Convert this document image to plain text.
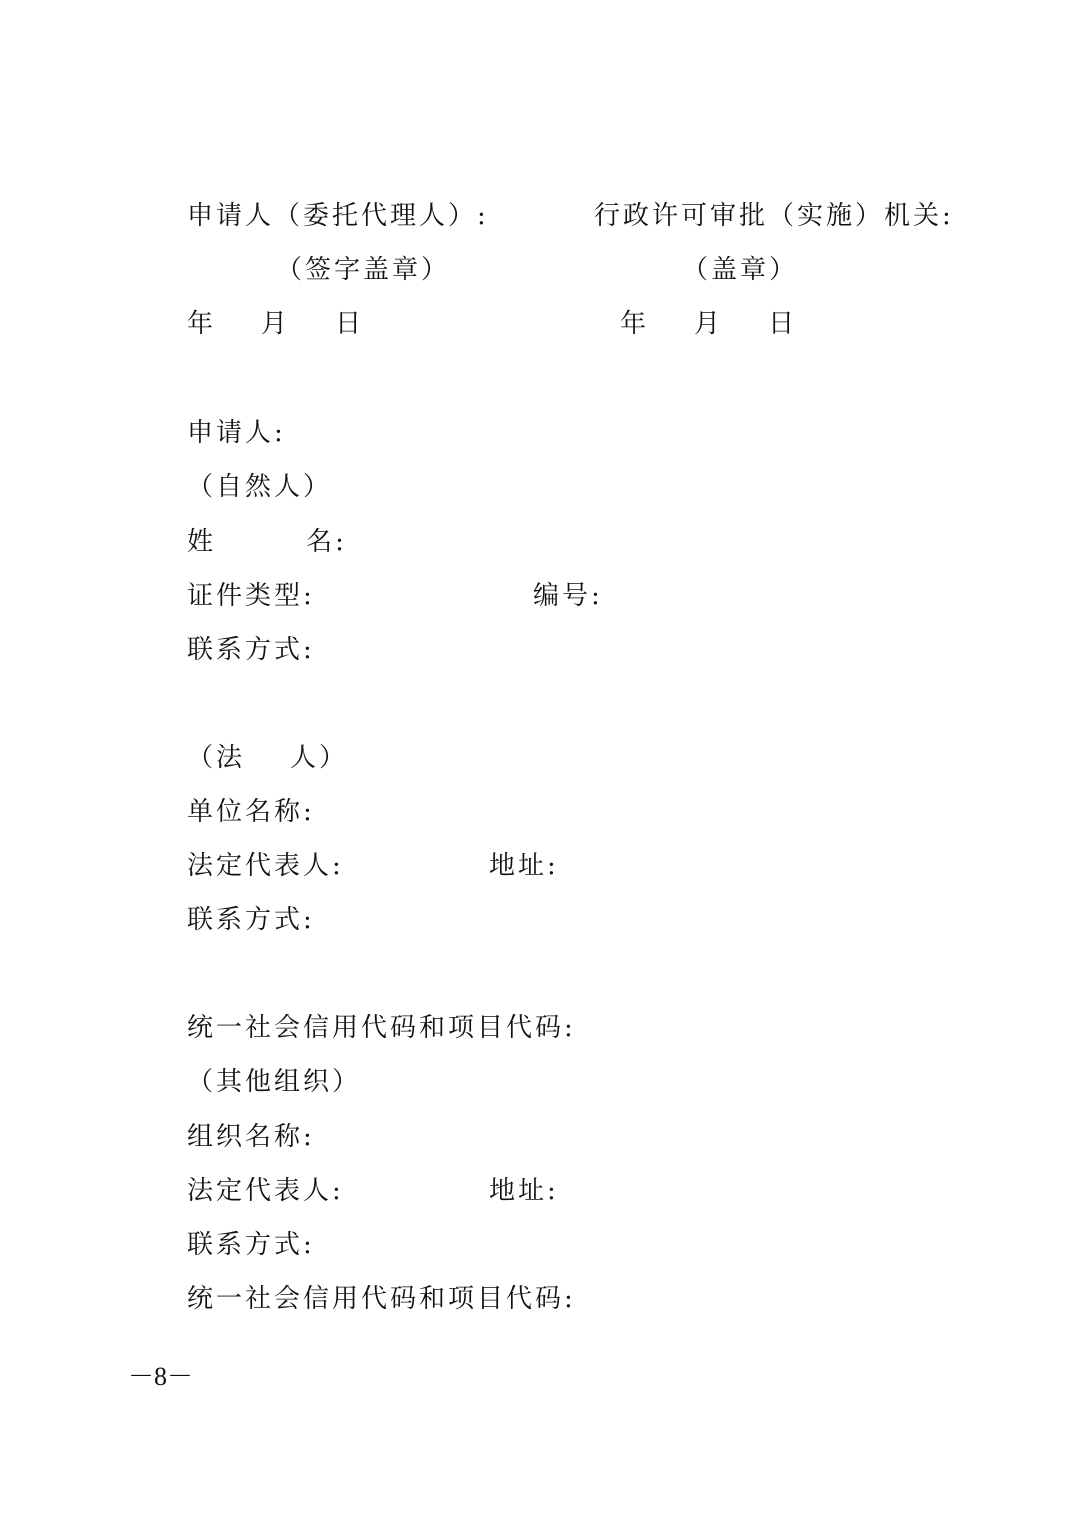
申请人（委托代理人）:	行政许可审批（实施）机关:
（签字盖章）	（盖章）
年    月    日	年    月    日
申请人:
（自然人）
姓        名:
证件类型:	编号:
联系方式:
（法    人）
单位名称:
法定代表人:	地址:
联系方式:
统一社会信用代码和项目代码:
（其他组织）
组织名称:
法定代表人:	地址:
联系方式:
统一社会信用代码和项目代码:
－8－
